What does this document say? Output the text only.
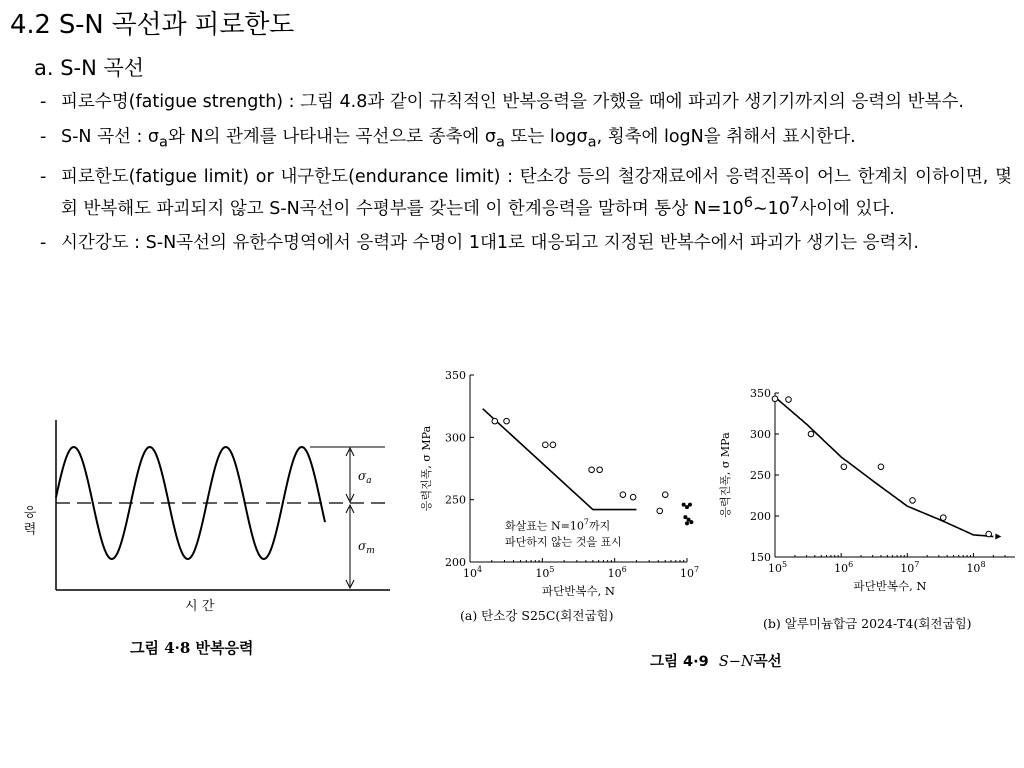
4.2 S-N 곡선과 피로한도
a. S-N 곡선
- 피로수명(fatigue strength) : 그림 4.8과 같이 규칙적인 반복응력을 가했을 때에 파괴가 생기기까지의 응력의 반복수.
- S-N 곡선 : $\sigma_a$와 N의 관계를 나타내는 곡선으로 종축에 $\sigma_a$ 또는 logσ$_a$, 횡축에 logN을 취해서 표시한다.
- 피로한도(fatigue limit) or 내구한도(endurance limit) : 탄소강 등의 철강재료에서 응력진폭이 어느 한계치 이하이면, 몇 회 반복해도 파괴되지 않고 S-N곡선이 수평부를 갖는데 이 한계응력을 말하며 통상 $N=10^6\sim 10^7$사이에 있다.
- 시간강도 : S-N곡선의 유한수명역에서 응력과 수명이 1대1로 대응되고 지정된 반복수에서 파괴가 생기는 응력치.
$\sigma_a$
$\sigma_m$
응 력
시 간
그림 4·8 반복응력
350
300
250
200
$10^4$	$10^5$	$10^6$	$10^7$
응력진폭, σ MPa
파단반복수, N
화살표는 $N=10^7$까지
파단하지 않는 것을 표시
(a) 탄소강 S25C(회전굽힘)
350
300
250
200
150
$10^5$	$10^6$	$10^7$	$10^8$
응력진폭, σ MPa
파단반복수, N
(b) 알루미늄합금 2024-T4(회전굽힘)
그림 4·9 S−N곡선
